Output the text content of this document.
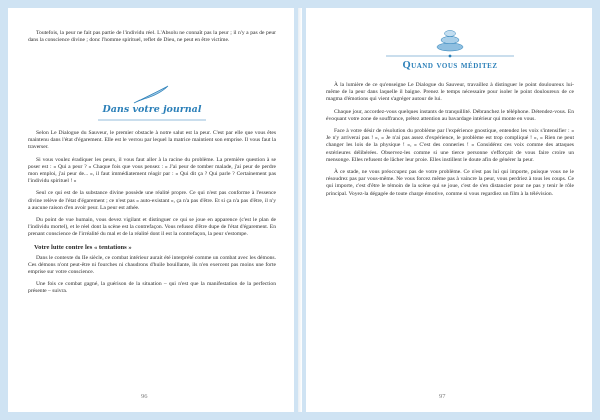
Toutefois, la peur ne fait pas partie de l'individu réel. L'Absolu ne connaît pas la peur ; il n'y a pas de peur dans la conscience divine ; donc l'homme spirituel, reflet de Dieu, ne peut en être victime.

Dans votre journal

Selon Le Dialogue du Sauveur, le premier obstacle à notre salut est la peur. C'est par elle que vous êtes maintenu dans l'état d'égarement. Elle est le verrou par lequel la matrice maintient son emprise. Il vous faut la traverser.

Si vous voulez éradiquer les peurs, il vous faut aller à la racine du problème. La première question à se poser est : « Qui a peur ? » Chaque fois que vous pensez : « J'ai peur de tomber malade, j'ai peur de perdre mon emploi, j'ai peur de... », il faut immédiatement réagir par : « Qui dit ça ? Qui parle ? Certainement pas l'individu spirituel ! »

Seul ce qui est de la substance divine possède une réalité propre. Ce qui n'est pas conforme à l'essence divine relève de l'état d'égarement ; ce n'est pas « auto-existant », ça n'a pas d'être. Et si ça n'a pas d'être, il n'y a aucune raison d'en avoir peur. La peur est athée.

Du point de vue humain, vous devez vigilant et distinguer ce qui se joue en apparence (c'est le plan de l'individu mortel), et le réel dont la scène est la contrefaçon. Vous refusez d'être dupe de l'état d'égarement. En prenant conscience de l'irréalité du mal et de la réalité dont il est la contrefaçon, la peur s'estompe.

Votre lutte contre les « tentations »

Dans le contexte du IIe siècle, ce combat intérieur aurait été interprété comme un combat avec les démons. Ces démons n'ont peut-être ni fourches ni chaudrons d'huile bouillante, ils n'en exercent pas moins une forte emprise sur votre conscience.

Une fois ce combat gagné, la guérison de la situation – qui n'est que la manifestation de la perfection présente – suivra.

96

Quand vous méditez

À la lumière de ce qu'enseigne Le Dialogue du Sauveur, travaillez à distinguer le point douloureux lui-même de la peur dans laquelle il baigne. Prenez le temps nécessaire pour isoler le point douloureux de ce magma d'émotions qui vient s'agréger autour de lui.

Chaque jour, accordez-vous quelques instants de tranquillité. Débranchez le téléphone. Détendez-vous. En évoquant votre zone de souffrance, prêtez attention au bavardage intérieur qui monte en vous.

Face à votre désir de résolution du problème par l'expérience gnostique, entendez les voix s'intensifier : « Je n'y arriverai pas ! », « Je n'ai pas assez d'expérience, le problème est trop compliqué ! », « Rien ne peut changer les lois de la physique ! », « C'est des conneries ! » Considérez ces voix comme des attaques extérieures délibérées. Observez-les comme si une tierce personne s'efforçait de vous faire croire un mensonge. Elles refusent de lâcher leur proie. Elles instillent le doute afin de générer la peur.

À ce stade, ne vous préoccupez pas de votre problème. Ce n'est pas lui qui importe, puisque vous ne le résoudrez pas par vous-même. Ne vous forcez même pas à vaincre la peur, vous perdriez à tous les coups. Ce qui importe, c'est d'être le témoin de la scène qui se joue, c'est de s'en distancier pour ne pas y tenir le rôle principal. Voyez-la dégagée de toute charge émotive, comme si vous regardiez un film à la télévision.

97
